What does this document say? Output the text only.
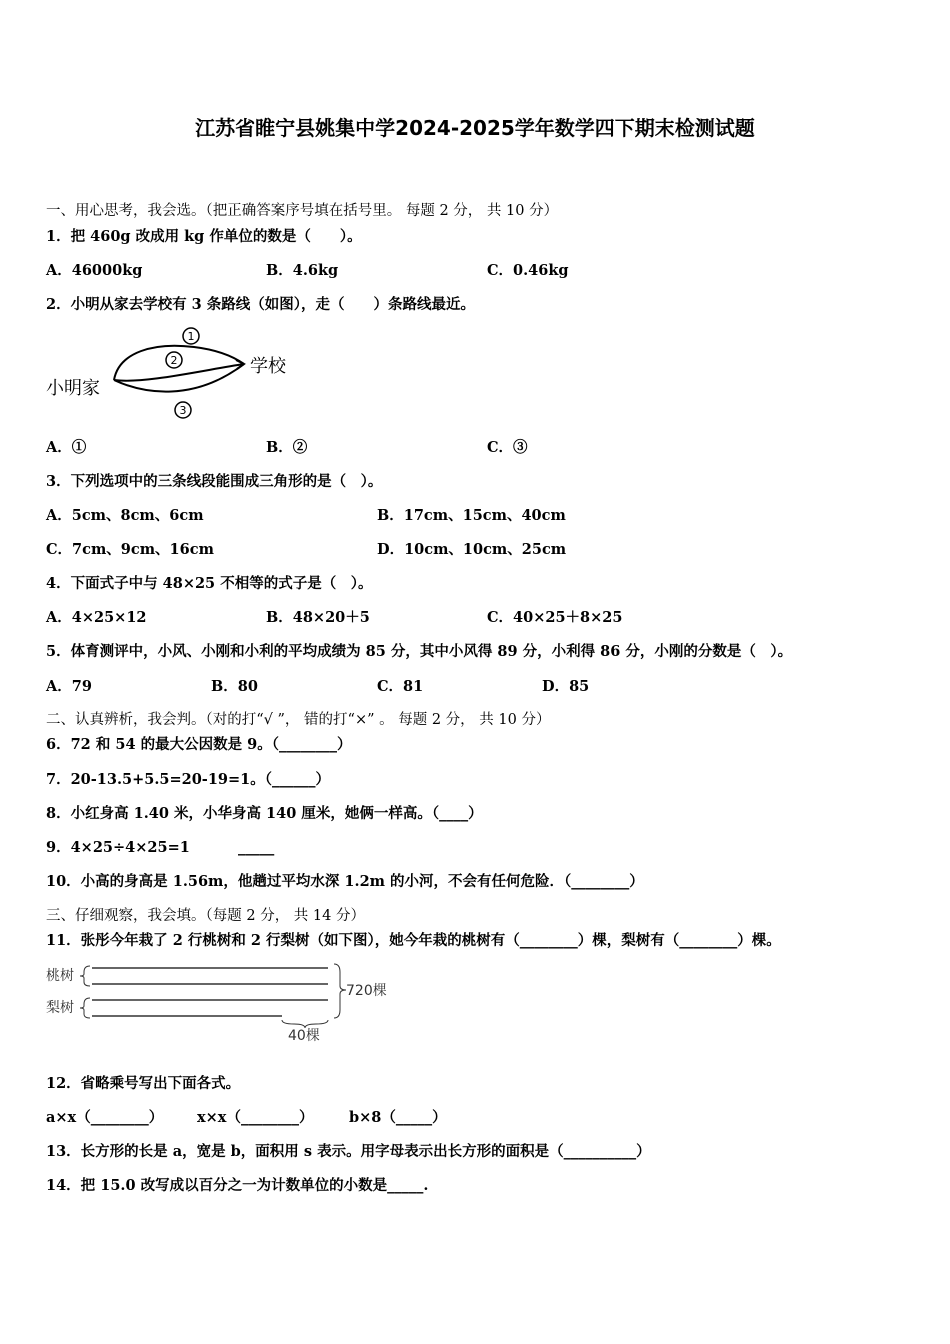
江苏省睢宁县姚集中学2024-2025学年数学四下期末检测试题
一、用心思考，我会选。（把正确答案序号填在括号里。 每题 2 分， 共 10 分）
1．把 460g 改成用 kg 作单位的数是（　　）。
A．46000kg	B．4.6kg	C．0.46kg
2．小明从家去学校有 3 条路线（如图），走（　　）条路线最近。
1
2
3
小明家
学校
A．①	B．②	C．③
3．下列选项中的三条线段能围成三角形的是（　）。
A．5cm、8cm、6cm	B．17cm、15cm、40cm
C．7cm、9cm、16cm	D．10cm、10cm、25cm
4．下面式子中与 48×25 不相等的式子是（　）。
A．4×25×12	B．48×20＋5	C．40×25＋8×25
5．体育测评中，小风、小刚和小利的平均成绩为 85 分，其中小风得 89 分，小利得 86 分，小刚的分数是（　）。
A．79	B．80	C．81	D．85
二、认真辨析，我会判。（对的打“√ ”， 错的打“×” 。 每题 2 分， 共 10 分）
6．72 和 54 的最大公因数是 9。（________）
7．20-13.5+5.5=20-19=1。（______）
8．小红身高 1.40 米，小华身高 140 厘米，她俩一样高。（____）
9．4×25÷4×25=1	_____
10．小高的身高是 1.56m，他趟过平均水深 1.2m 的小河，不会有任何危险．（________）
三、仔细观察，我会填。（每题 2 分， 共 14 分）
11．张彤今年栽了 2 行桃树和 2 行梨树（如下图），她今年栽的桃树有（________）棵，梨树有（________）棵。
桃树
梨树
720棵
40棵
12．省略乘号写出下面各式。
a×x（________） x×x（________） b×8（_____）
13．长方形的长是 a，宽是 b，面积用 s 表示。用字母表示出长方形的面积是（__________）
14．把 15.0 改写成以百分之一为计数单位的小数是_____.
